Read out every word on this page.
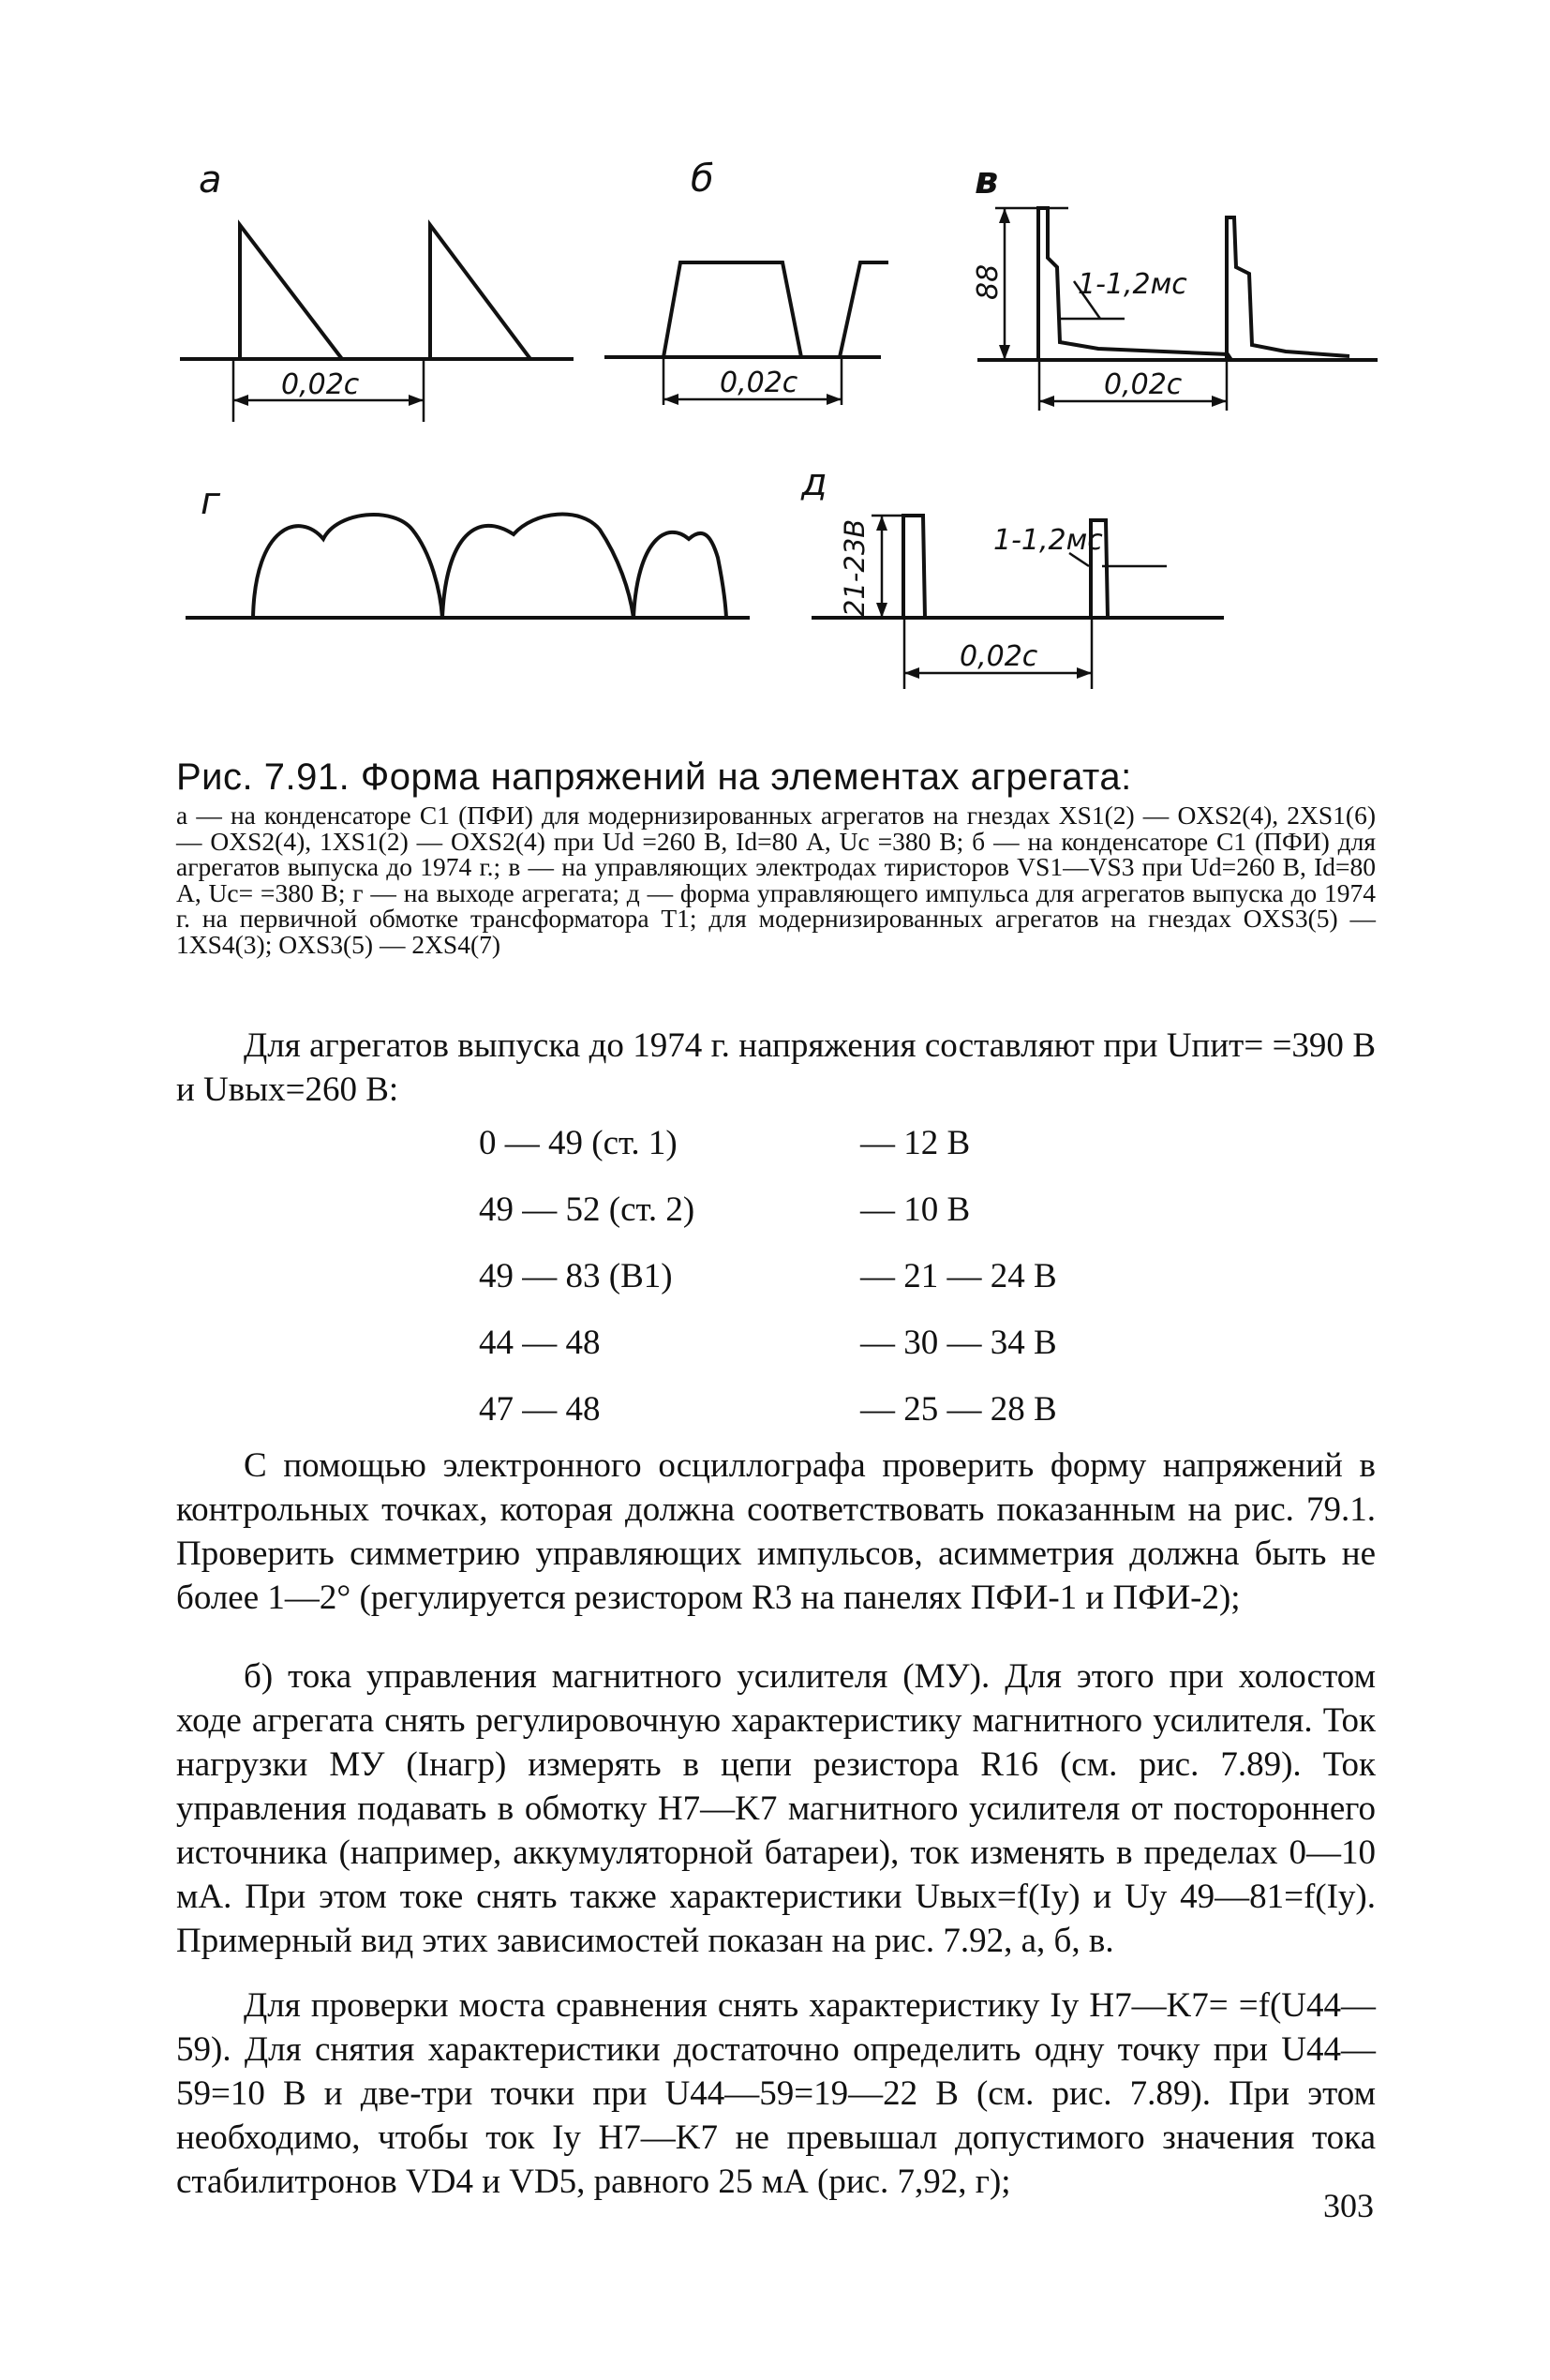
а	б	в
г	д
0,02с	0,02с	0,02с
1-1,2мс
88
0,02с
1-1,2мс
21-23В
Рис. 7.91. Форма напряжений на элементах агрегата:
а — на конденсаторе C1 (ПФИ) для модернизированных агрегатов на гнездах XS1(2) — OXS2(4), 2XS1(6) — OXS2(4), 1XS1(2) — OXS2(4) при Ud =260 В, Id=80 А, Uc =380 В; б — на конденсаторе C1 (ПФИ) для агрегатов выпуска до 1974 г.; в — на управляющих электродах тиристоров VS1—VS3 при Ud=260 В, Id=80 А, Uc= =380 В; г — на выходе агрегата; д — форма управляющего импульса для агрегатов выпуска до 1974 г. на первичной обмотке трансформатора T1; для модернизированных агрегатов на гнездах OXS3(5) — 1XS4(3); OXS3(5) — 2XS4(7)
Для агрегатов выпуска до 1974 г. напряжения составляют при Uпит= =390 В и Uвых=260 В:
0 — 49 (ст. 1)	— 12 В
49 — 52 (ст. 2)	— 10 В
49 — 83 (В1)	— 21 — 24 В
44 — 48	— 30 — 34 В
47 — 48	— 25 — 28 В
С помощью электронного осциллографа проверить форму напряжений в контрольных точках, которая должна соответствовать показанным на рис. 79.1. Проверить симметрию управляющих импульсов, асимметрия должна быть не более 1—2° (регулируется резистором R3 на панелях ПФИ-1 и ПФИ-2);
б) тока управления магнитного усилителя (МУ). Для этого при холостом ходе агрегата снять регулировочную характеристику магнитного усилителя. Ток нагрузки МУ (Iнагр) измерять в цепи резистора R16 (см. рис. 7.89). Ток управления подавать в обмотку H7—K7 магнитного усилителя от постороннего источника (например, аккумуляторной батареи), ток изменять в пределах 0—10 мА. При этом токе снять также характеристики Uвых=f(Iу) и Uу 49—81=f(Iу). Примерный вид этих зависимостей показан на рис. 7.92, а, б, в.
Для проверки моста сравнения снять характеристику Iу H7—K7= =f(U44—59). Для снятия характеристики достаточно определить одну точку при U44—59=10 В и две-три точки при U44—59=19—22 В (см. рис. 7.89). При этом необходимо, чтобы ток Iу H7—K7 не превышал допустимого значения тока стабилитронов VD4 и VD5, равного 25 мА (рис. 7,92, г);
303
